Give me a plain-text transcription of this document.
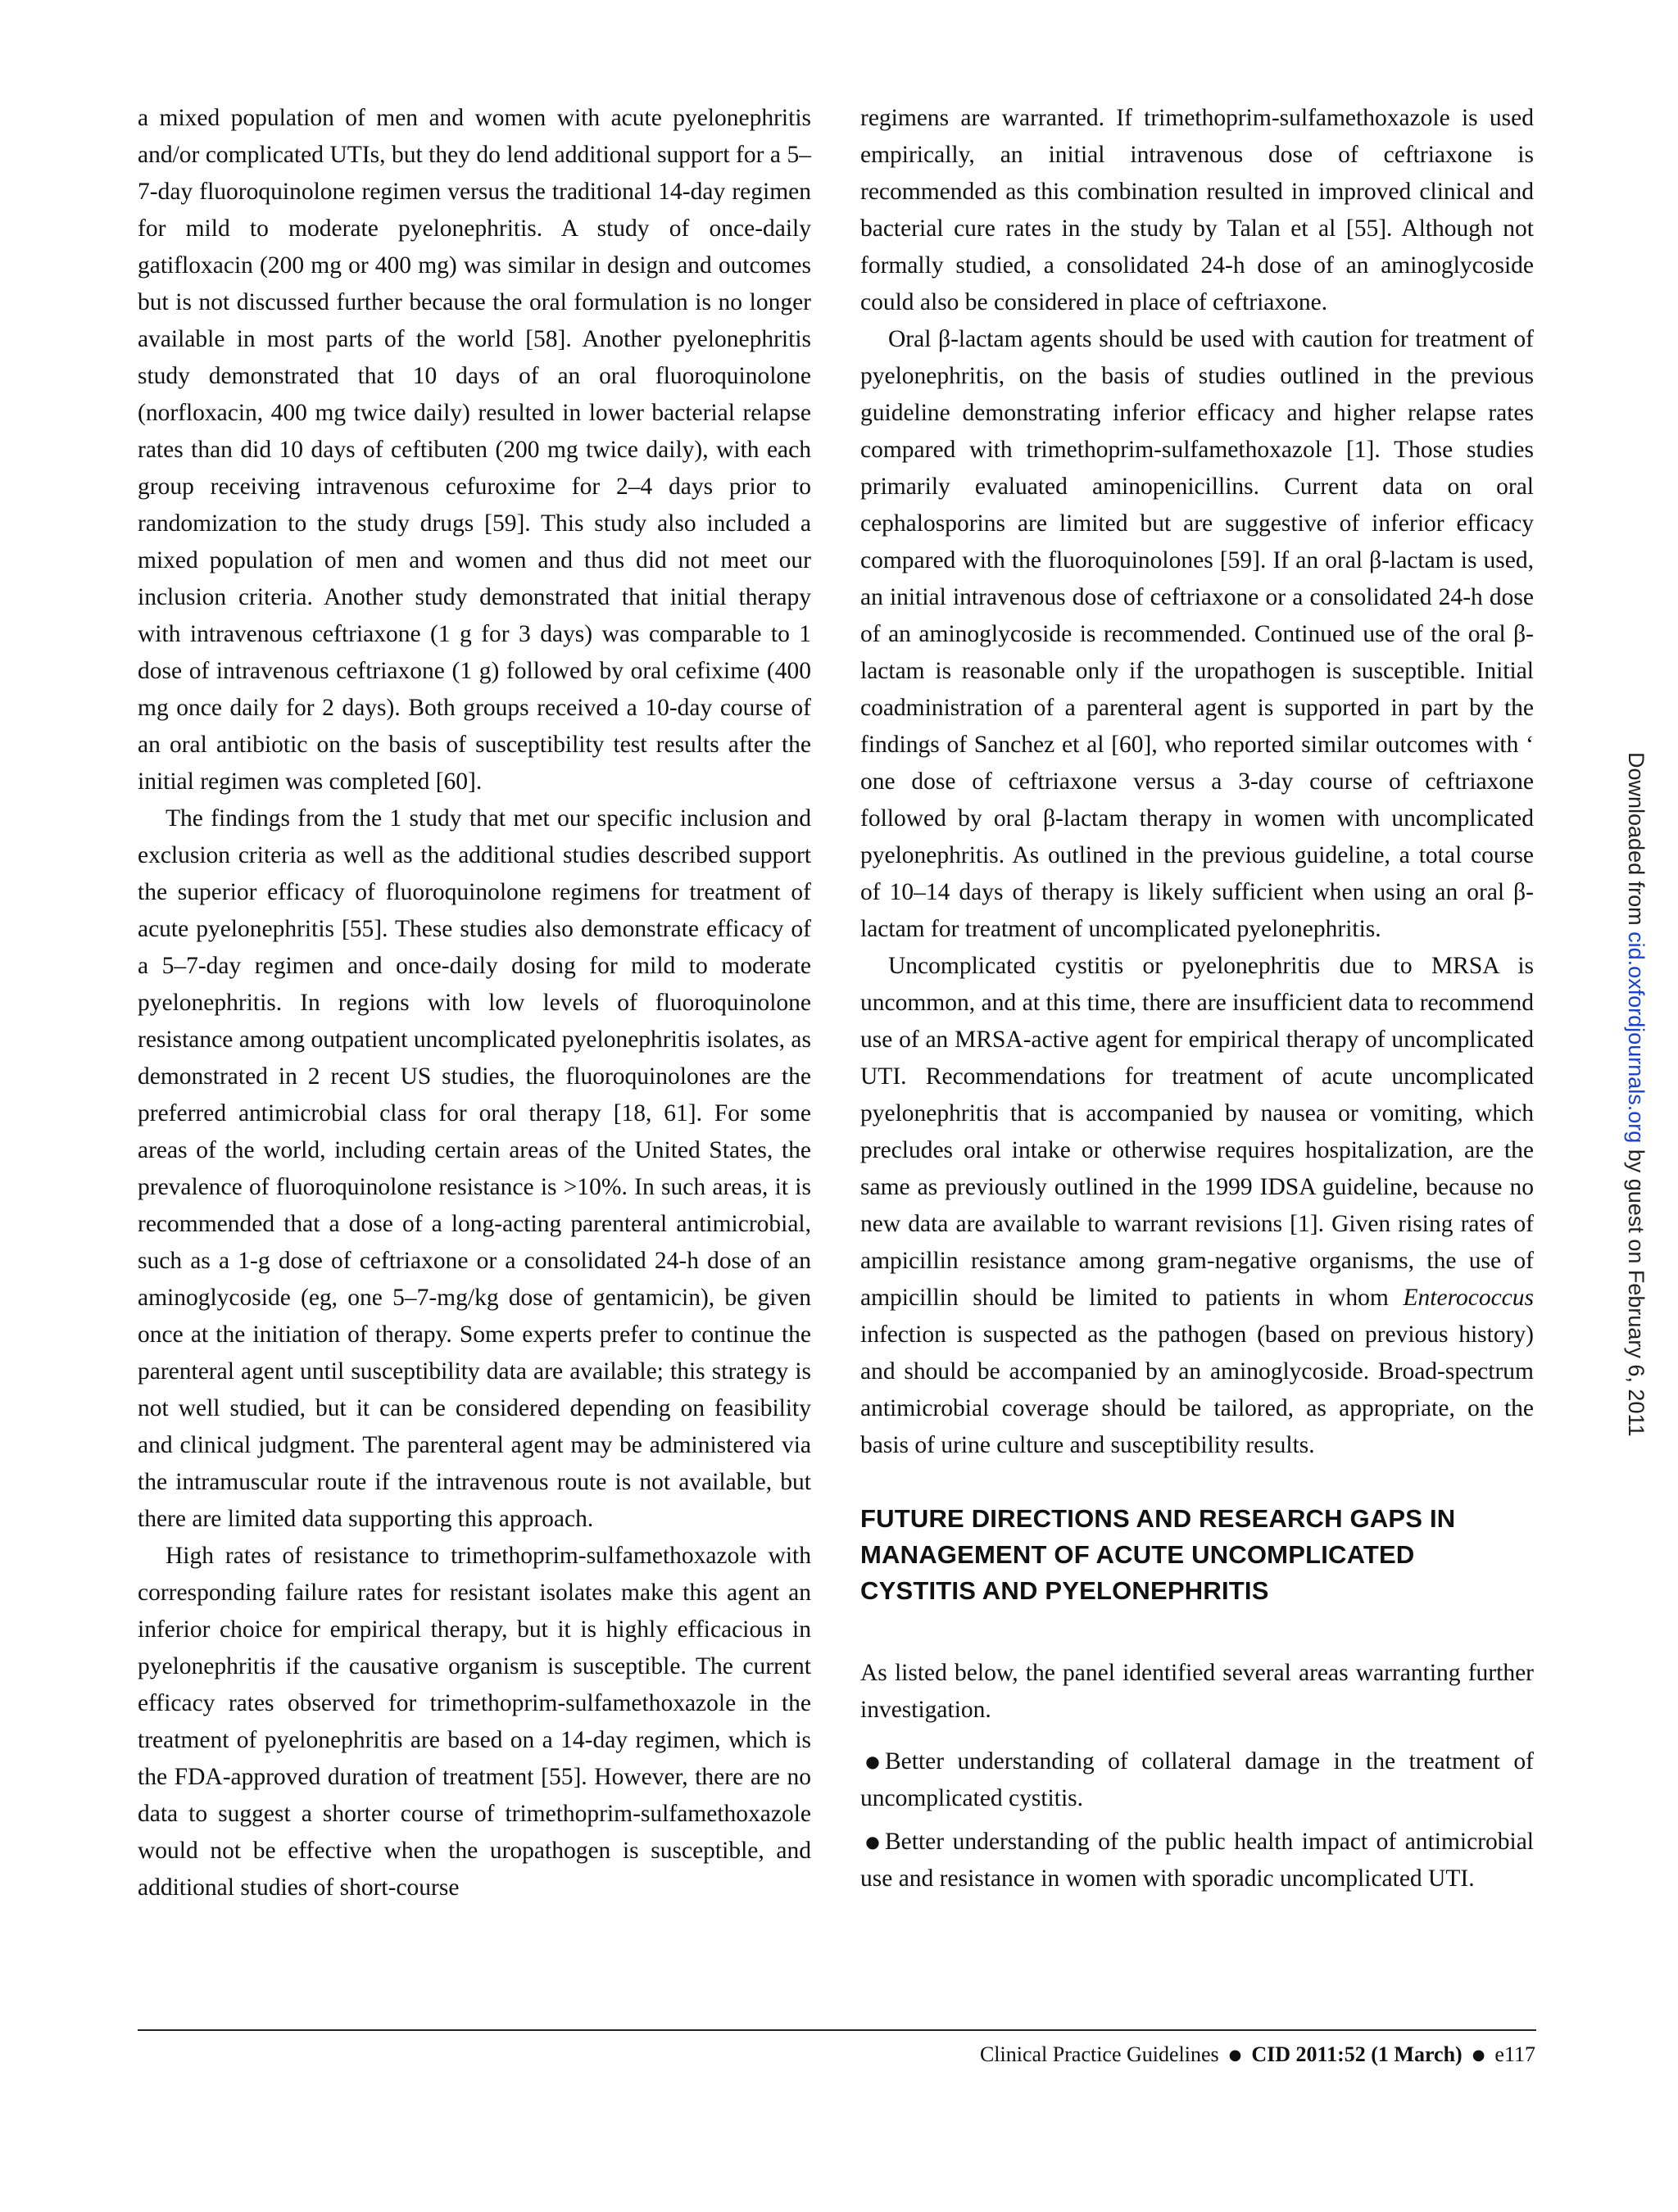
a mixed population of men and women with acute pyelonephritis and/or complicated UTIs, but they do lend additional support for a 5–7-day fluoroquinolone regimen versus the traditional 14-day regimen for mild to moderate pyelonephritis. A study of once-daily gatifloxacin (200 mg or 400 mg) was similar in design and outcomes but is not discussed further because the oral formulation is no longer available in most parts of the world [58]. Another pyelonephritis study demonstrated that 10 days of an oral fluoroquinolone (norfloxacin, 400 mg twice daily) resulted in lower bacterial relapse rates than did 10 days of ceftibuten (200 mg twice daily), with each group receiving intravenous cefuroxime for 2–4 days prior to randomization to the study drugs [59]. This study also included a mixed population of men and women and thus did not meet our inclusion criteria. Another study demonstrated that initial therapy with intravenous ceftriaxone (1 g for 3 days) was comparable to 1 dose of intravenous ceftriaxone (1 g) followed by oral cefixime (400 mg once daily for 2 days). Both groups received a 10-day course of an oral antibiotic on the basis of susceptibility test results after the initial regimen was completed [60].

The findings from the 1 study that met our specific inclusion and exclusion criteria as well as the additional studies described support the superior efficacy of fluoroquinolone regimens for treatment of acute pyelonephritis [55]. These studies also demonstrate efficacy of a 5–7-day regimen and once-daily dosing for mild to moderate pyelonephritis. In regions with low levels of fluoroquinolone resistance among outpatient uncomplicated pyelonephritis isolates, as demonstrated in 2 recent US studies, the fluoroquinolones are the preferred antimicrobial class for oral therapy [18, 61]. For some areas of the world, including certain areas of the United States, the prevalence of fluoroquinolone resistance is >10%. In such areas, it is recommended that a dose of a long-acting parenteral antimicrobial, such as a 1-g dose of ceftriaxone or a consolidated 24-h dose of an aminoglycoside (eg, one 5–7-mg/kg dose of gentamicin), be given once at the initiation of therapy. Some experts prefer to continue the parenteral agent until susceptibility data are available; this strategy is not well studied, but it can be considered depending on feasibility and clinical judgment. The parenteral agent may be administered via the intramuscular route if the intravenous route is not available, but there are limited data supporting this approach.

High rates of resistance to trimethoprim-sulfamethoxazole with corresponding failure rates for resistant isolates make this agent an inferior choice for empirical therapy, but it is highly efficacious in pyelonephritis if the causative organism is susceptible. The current efficacy rates observed for trimethoprim-sulfamethoxazole in the treatment of pyelonephritis are based on a 14-day regimen, which is the FDA-approved duration of treatment [55]. However, there are no data to suggest a shorter course of trimethoprim-sulfamethoxazole would not be effective when the uropathogen is susceptible, and additional studies of short-course

regimens are warranted. If trimethoprim-sulfamethoxazole is used empirically, an initial intravenous dose of ceftriaxone is recommended as this combination resulted in improved clinical and bacterial cure rates in the study by Talan et al [55]. Although not formally studied, a consolidated 24-h dose of an aminoglycoside could also be considered in place of ceftriaxone.

Oral β-lactam agents should be used with caution for treatment of pyelonephritis, on the basis of studies outlined in the previous guideline demonstrating inferior efficacy and higher relapse rates compared with trimethoprim-sulfamethoxazole [1]. Those studies primarily evaluated aminopenicillins. Current data on oral cephalosporins are limited but are suggestive of inferior efficacy compared with the fluoroquinolones [59]. If an oral β-lactam is used, an initial intravenous dose of ceftriaxone or a consolidated 24-h dose of an aminoglycoside is recommended. Continued use of the oral β-lactam is reasonable only if the uropathogen is susceptible. Initial coadministration of a parenteral agent is supported in part by the findings of Sanchez et al [60], who reported similar outcomes with ‘ one dose of ceftriaxone versus a 3-day course of ceftriaxone followed by oral β-lactam therapy in women with uncomplicated pyelonephritis. As outlined in the previous guideline, a total course of 10–14 days of therapy is likely sufficient when using an oral β-lactam for treatment of uncomplicated pyelonephritis.

Uncomplicated cystitis or pyelonephritis due to MRSA is uncommon, and at this time, there are insufficient data to recommend use of an MRSA-active agent for empirical therapy of uncomplicated UTI. Recommendations for treatment of acute uncomplicated pyelonephritis that is accompanied by nausea or vomiting, which precludes oral intake or otherwise requires hospitalization, are the same as previously outlined in the 1999 IDSA guideline, because no new data are available to warrant revisions [1]. Given rising rates of ampicillin resistance among gram-negative organisms, the use of ampicillin should be limited to patients in whom Enterococcus infection is suspected as the pathogen (based on previous history) and should be accompanied by an aminoglycoside. Broad-spectrum antimicrobial coverage should be tailored, as appropriate, on the basis of urine culture and susceptibility results.

FUTURE DIRECTIONS AND RESEARCH GAPS IN MANAGEMENT OF ACUTE UNCOMPLICATED CYSTITIS AND PYELONEPHRITIS

As listed below, the panel identified several areas warranting further investigation.

● Better understanding of collateral damage in the treatment of uncomplicated cystitis.
● Better understanding of the public health impact of antimicrobial use and resistance in women with sporadic uncomplicated UTI.
Clinical Practice Guidelines ● CID 2011:52 (1 March) ● e117
Downloaded from cid.oxfordjournals.org by guest on February 6, 2011
